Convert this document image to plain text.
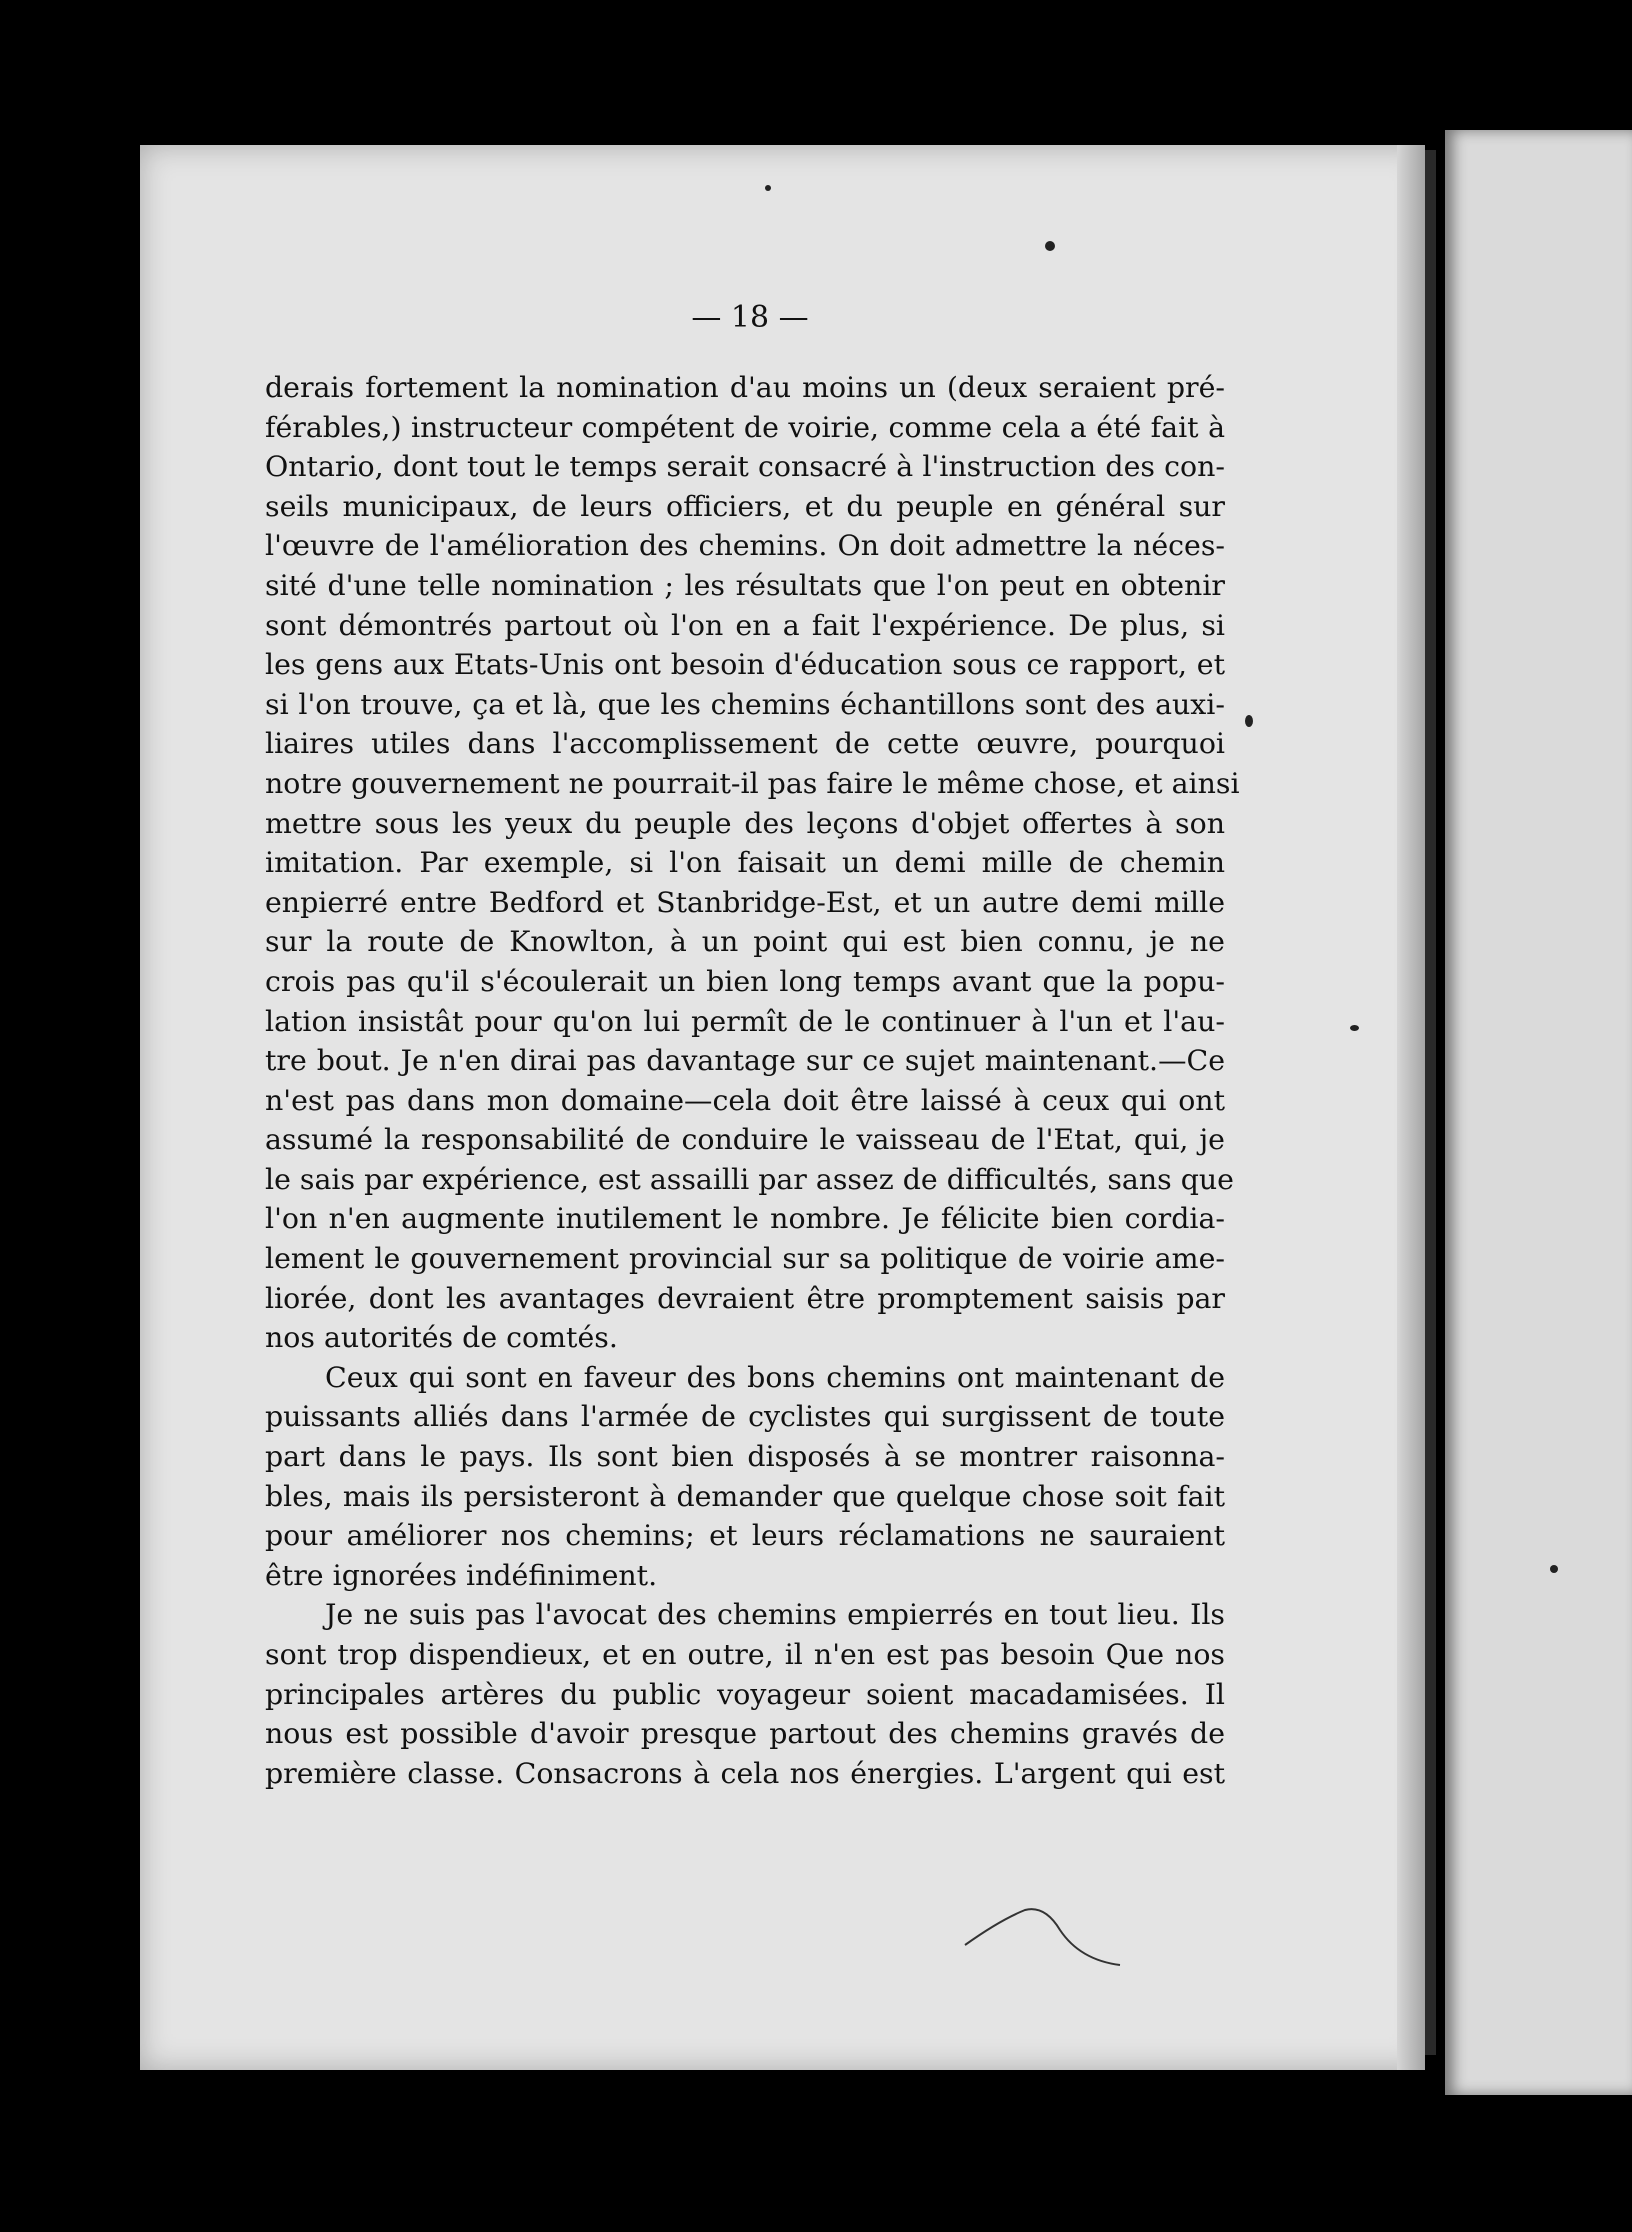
— 18 —

derais fortement la nomination d'au moins un (deux seraient pré-
férables,) instructeur compétent de voirie, comme cela a été fait à
Ontario, dont tout le temps serait consacré à l'instruction des con-
seils municipaux, de leurs officiers, et du peuple en général sur
l'œuvre de l'amélioration des chemins. On doit admettre la néces-
sité d'une telle nomination ; les résultats que l'on peut en obtenir
sont démontrés partout où l'on en a fait l'expérience. De plus, si
les gens aux Etats-Unis ont besoin d'éducation sous ce rapport, et
si l'on trouve, ça et là, que les chemins échantillons sont des auxi-
liaires utiles dans l'accomplissement de cette œuvre, pourquoi
notre gouvernement ne pourrait-il pas faire le même chose, et ainsi
mettre sous les yeux du peuple des leçons d'objet offertes à son
imitation. Par exemple, si l'on faisait un demi mille de chemin
enpierré entre Bedford et Stanbridge-Est, et un autre demi mille
sur la route de Knowlton, à un point qui est bien connu, je ne
crois pas qu'il s'écoulerait un bien long temps avant que la popu-
lation insistât pour qu'on lui permît de le continuer à l'un et l'au-
tre bout. Je n'en dirai pas davantage sur ce sujet maintenant.—Ce
n'est pas dans mon domaine—cela doit être laissé à ceux qui ont
assumé la responsabilité de conduire le vaisseau de l'Etat, qui, je
le sais par expérience, est assailli par assez de difficultés, sans que
l'on n'en augmente inutilement le nombre. Je félicite bien cordia-
lement le gouvernement provincial sur sa politique de voirie ame-
liorée, dont les avantages devraient être promptement saisis par
nos autorités de comtés.

Ceux qui sont en faveur des bons chemins ont maintenant de
puissants alliés dans l'armée de cyclistes qui surgissent de toute
part dans le pays. Ils sont bien disposés à se montrer raisonna-
bles, mais ils persisteront à demander que quelque chose soit fait
pour améliorer nos chemins; et leurs réclamations ne sauraient
être ignorées indéfiniment.

Je ne suis pas l'avocat des chemins empierrés en tout lieu. Ils
sont trop dispendieux, et en outre, il n'en est pas besoin Que nos
principales artères du public voyageur soient macadamisées. Il
nous est possible d'avoir presque partout des chemins gravés de
première classe. Consacrons à cela nos énergies. L'argent qui est
